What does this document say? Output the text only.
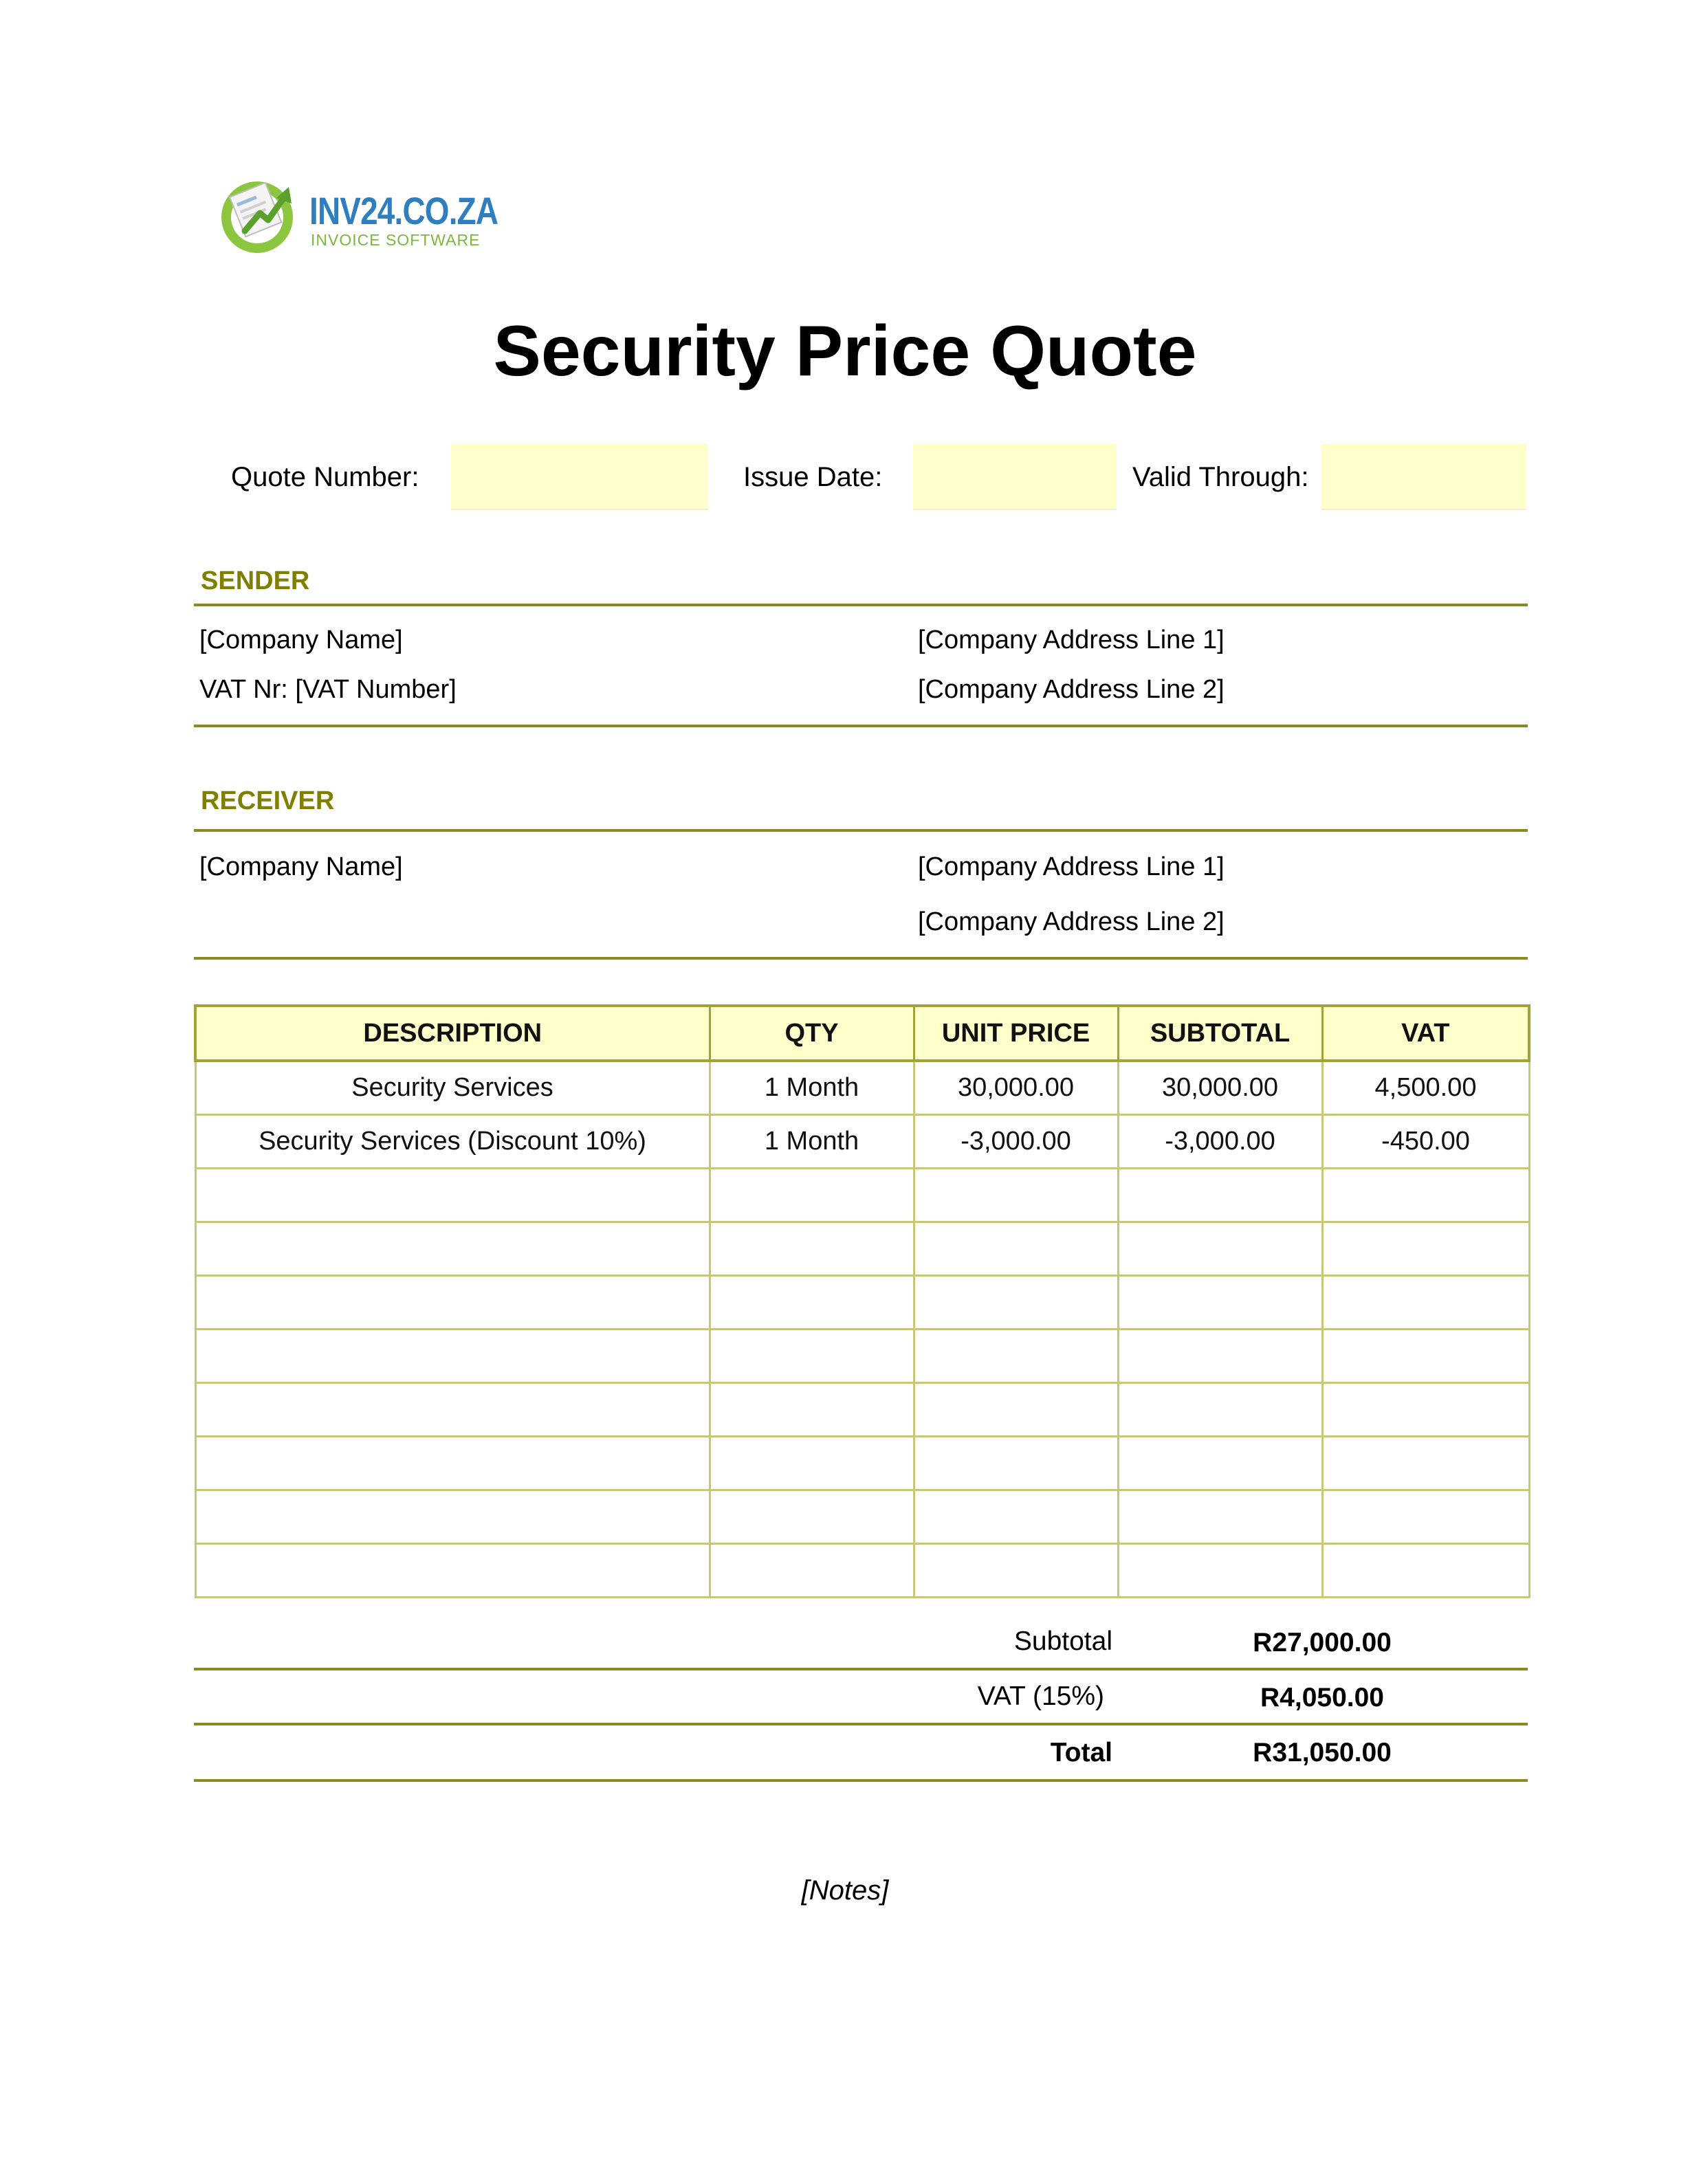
INV24.CO.ZA
INVOICE SOFTWARE
Security Price Quote
Quote Number:	Issue Date:	Valid Through:
SENDER
[Company Name]	[Company Address Line 1]
VAT Nr: [VAT Number]	[Company Address Line 2]
RECEIVER
[Company Name]	[Company Address Line 1]
[Company Address Line 2]
DESCRIPTION	QTY	UNIT PRICE	SUBTOTAL	VAT
Security Services	1 Month	30,000.00	30,000.00	4,500.00
Security Services (Discount 10%)	1 Month	-3,000.00	-3,000.00	-450.00

Subtotal	R27,000.00
VAT (15%)	R4,050.00
Total	R31,050.00
[Notes]
